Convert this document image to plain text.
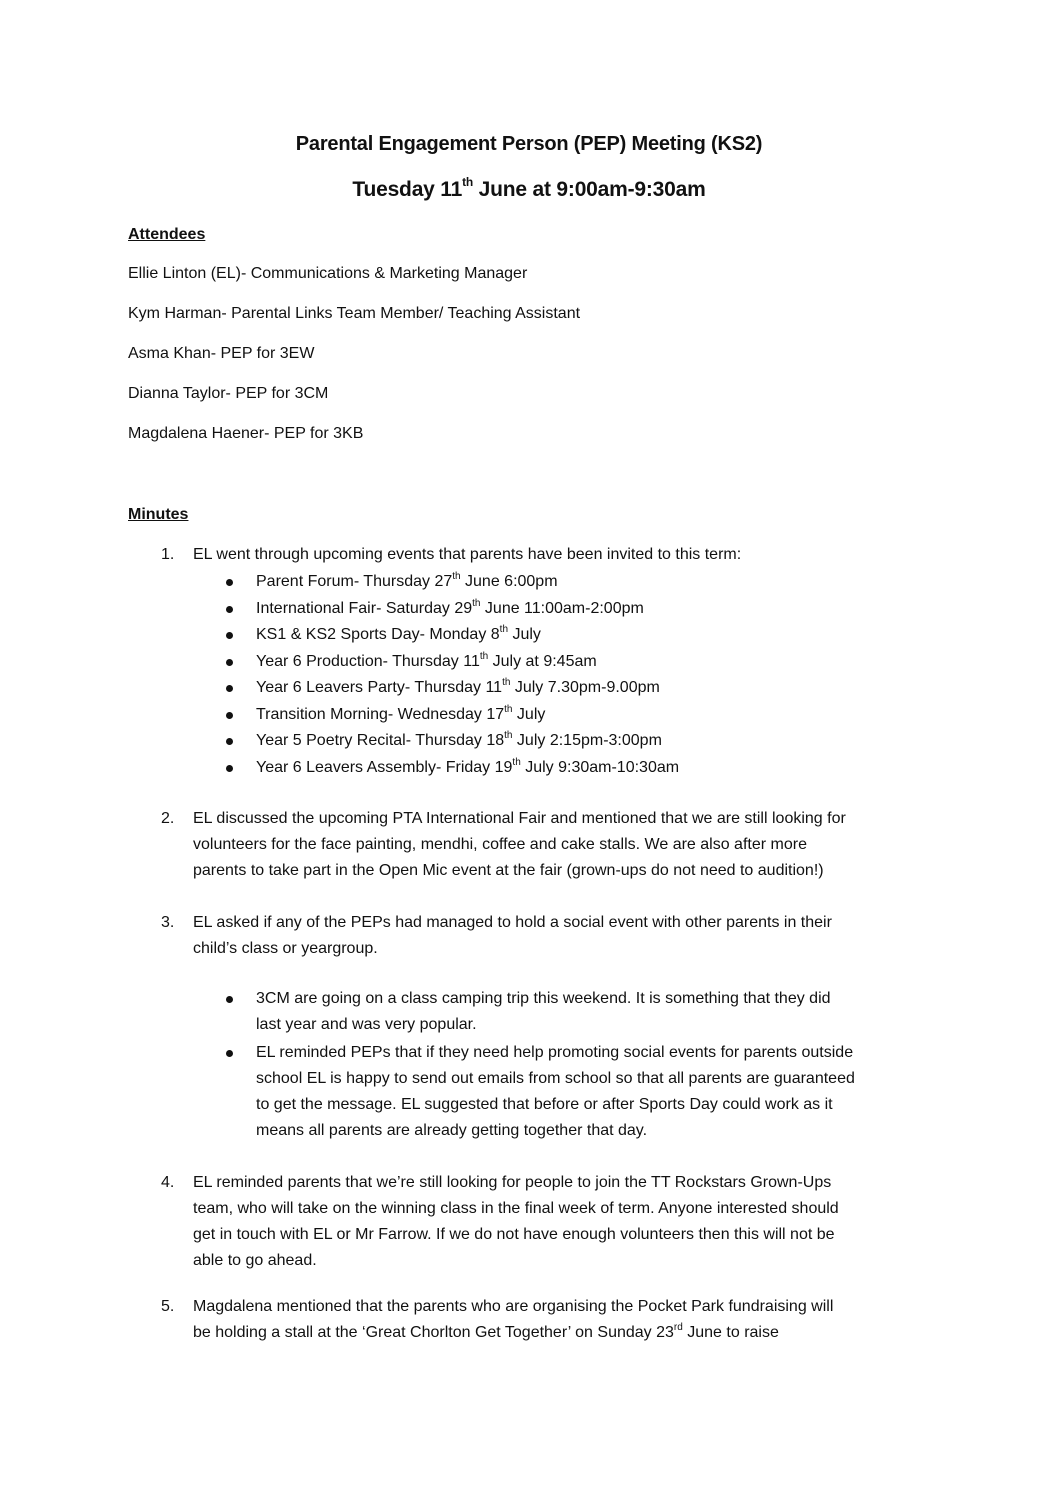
Parental Engagement Person (PEP) Meeting (KS2)
Tuesday 11th June at 9:00am-9:30am
Attendees
Ellie Linton (EL)- Communications & Marketing Manager
Kym Harman- Parental Links Team Member/ Teaching Assistant
Asma Khan- PEP for 3EW
Dianna Taylor- PEP for 3CM
Magdalena Haener- PEP for 3KB
Minutes
1. EL went through upcoming events that parents have been invited to this term:
Parent Forum- Thursday 27th June 6:00pm
International Fair- Saturday 29th June 11:00am-2:00pm
KS1 & KS2 Sports Day- Monday 8th July
Year 6 Production- Thursday 11th July at 9:45am
Year 6 Leavers Party- Thursday 11th July 7.30pm-9.00pm
Transition Morning- Wednesday 17th July
Year 5 Poetry Recital- Thursday 18th July 2:15pm-3:00pm
Year 6 Leavers Assembly- Friday 19th July 9:30am-10:30am
2. EL discussed the upcoming PTA International Fair and mentioned that we are still looking for
volunteers for the face painting, mendhi, coffee and cake stalls. We are also after more
parents to take part in the Open Mic event at the fair (grown-ups do not need to audition!)
3. EL asked if any of the PEPs had managed to hold a social event with other parents in their
child’s class or yeargroup.
3CM are going on a class camping trip this weekend. It is something that they did
last year and was very popular.
EL reminded PEPs that if they need help promoting social events for parents outside
school EL is happy to send out emails from school so that all parents are guaranteed
to get the message. EL suggested that before or after Sports Day could work as it
means all parents are already getting together that day.
4. EL reminded parents that we’re still looking for people to join the TT Rockstars Grown-Ups
team, who will take on the winning class in the final week of term. Anyone interested should
get in touch with EL or Mr Farrow. If we do not have enough volunteers then this will not be
able to go ahead.
5. Magdalena mentioned that the parents who are organising the Pocket Park fundraising will
be holding a stall at the ‘Great Chorlton Get Together’ on Sunday 23rd June to raise
